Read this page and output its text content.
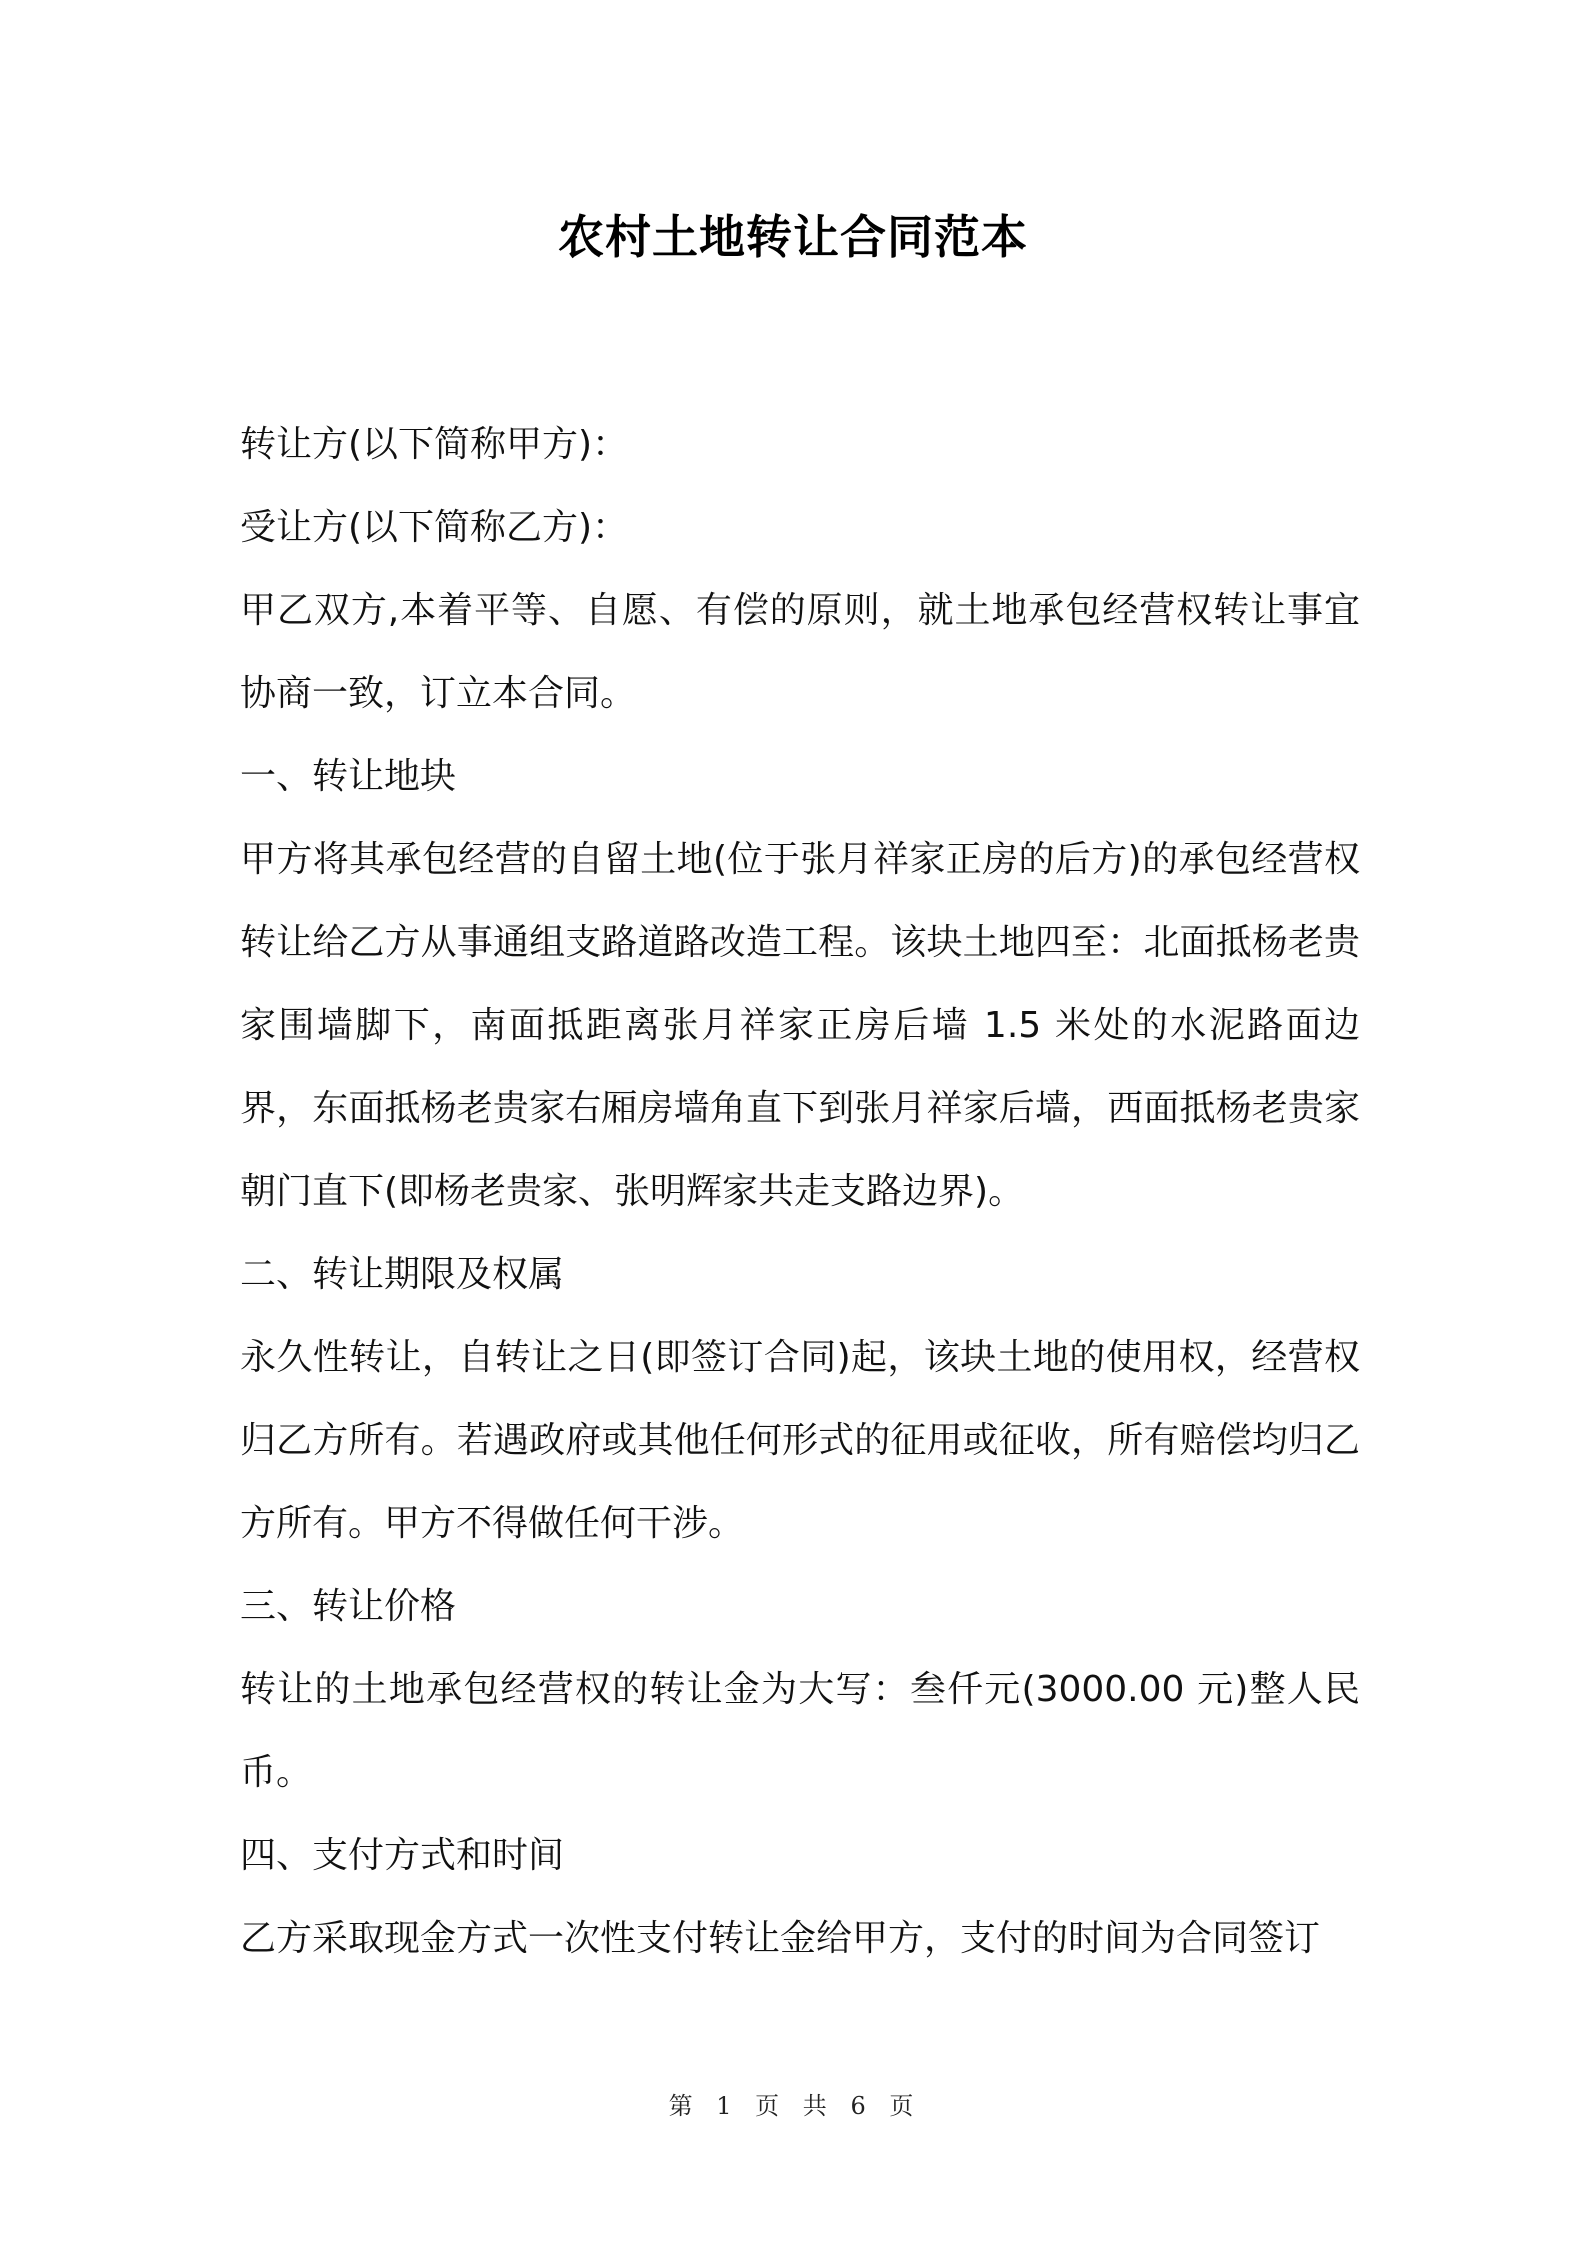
农村土地转让合同范本

转让方(以下简称甲方)：

受让方(以下简称乙方)：

甲乙双方,本着平等、自愿、有偿的原则，就土地承包经营权转让事宜协商一致，订立本合同。

一、转让地块

甲方将其承包经营的自留土地(位于张月祥家正房的后方)的承包经营权转让给乙方从事通组支路道路改造工程。该块土地四至：北面抵杨老贵家围墙脚下，南面抵距离张月祥家正房后墙 1.5 米处的水泥路面边界，东面抵杨老贵家右厢房墙角直下到张月祥家后墙，西面抵杨老贵家朝门直下(即杨老贵家、张明辉家共走支路边界)。

二、转让期限及权属

永久性转让，自转让之日(即签订合同)起，该块土地的使用权，经营权归乙方所有。若遇政府或其他任何形式的征用或征收，所有赔偿均归乙方所有。甲方不得做任何干涉。

三、转让价格

转让的土地承包经营权的转让金为大写：叁仟元(3000.00 元)整人民币。

四、支付方式和时间

乙方采取现金方式一次性支付转让金给甲方，支付的时间为合同签订

第 1 页 共 6 页
